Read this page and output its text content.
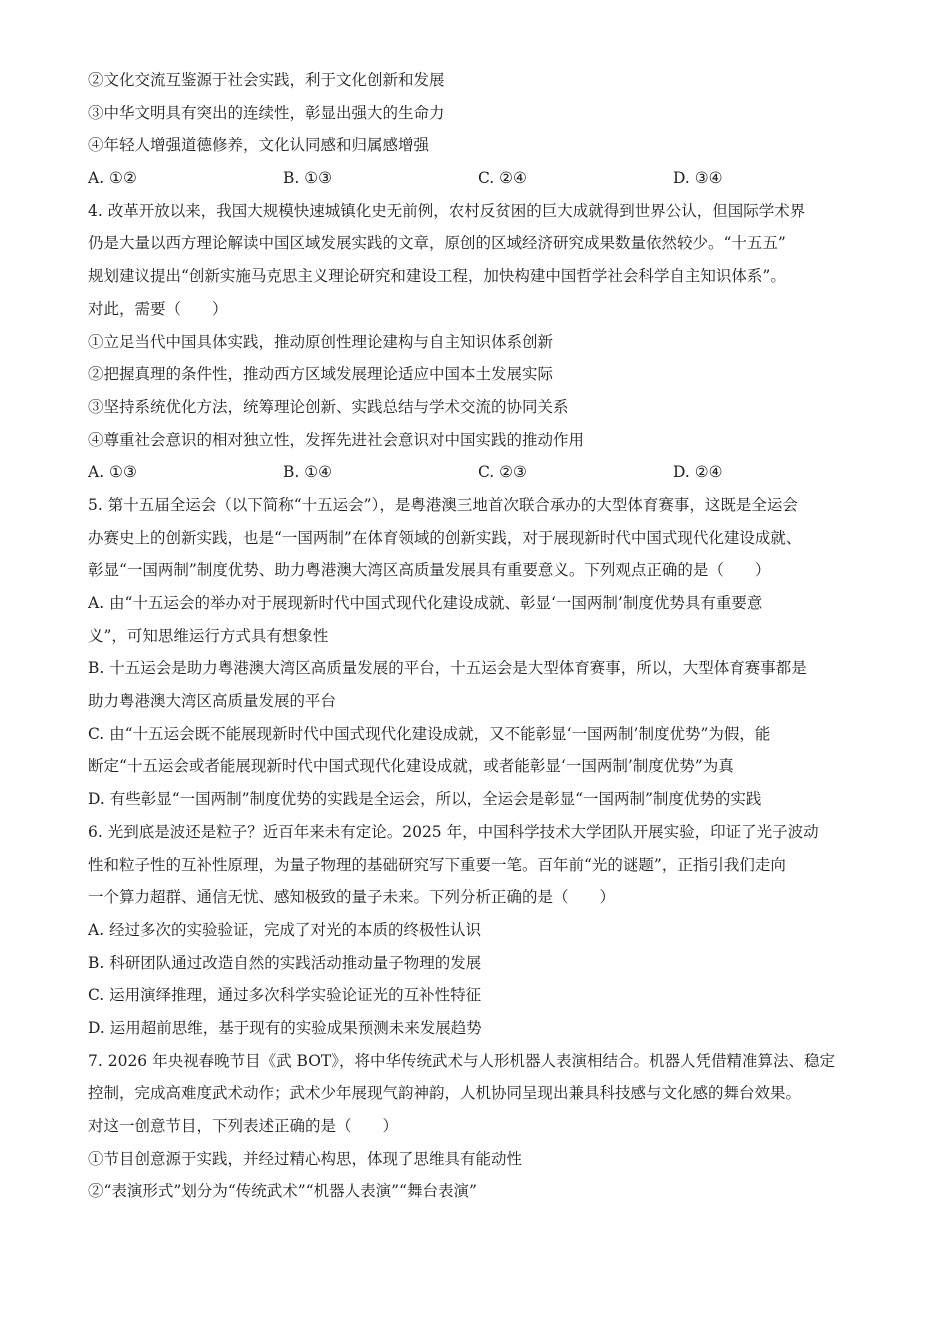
②文化交流互鉴源于社会实践，利于文化创新和发展
③中华文明具有突出的连续性，彰显出强大的生命力
④年轻人增强道德修养，文化认同感和归属感增强
A. ①②	B. ①③	C. ②④	D. ③④
4. 改革开放以来，我国大规模快速城镇化史无前例，农村反贫困的巨大成就得到世界公认，但国际学术界
仍是大量以西方理论解读中国区域发展实践的文章，原创的区域经济研究成果数量依然较少。“十五五”
规划建议提出“创新实施马克思主义理论研究和建设工程，加快构建中国哲学社会科学自主知识体系”。
对此，需要（　　）
①立足当代中国具体实践，推动原创性理论建构与自主知识体系创新
②把握真理的条件性，推动西方区域发展理论适应中国本土发展实际
③坚持系统优化方法，统筹理论创新、实践总结与学术交流的协同关系
④尊重社会意识的相对独立性，发挥先进社会意识对中国实践的推动作用
A. ①③	B. ①④	C. ②③	D. ②④
5. 第十五届全运会（以下简称“十五运会”），是粤港澳三地首次联合承办的大型体育赛事，这既是全运会
办赛史上的创新实践，也是“一国两制”在体育领域的创新实践，对于展现新时代中国式现代化建设成就、
彰显“一国两制”制度优势、助力粤港澳大湾区高质量发展具有重要意义。下列观点正确的是（　　）
A. 由“十五运会的举办对于展现新时代中国式现代化建设成就、彰显‘一国两制’制度优势具有重要意
义”，可知思维运行方式具有想象性
B. 十五运会是助力粤港澳大湾区高质量发展的平台，十五运会是大型体育赛事，所以，大型体育赛事都是
助力粤港澳大湾区高质量发展的平台
C. 由“十五运会既不能展现新时代中国式现代化建设成就，又不能彰显‘一国两制’制度优势”为假，能
断定“十五运会或者能展现新时代中国式现代化建设成就，或者能彰显‘一国两制’制度优势”为真
D. 有些彰显“一国两制”制度优势的实践是全运会，所以，全运会是彰显“一国两制”制度优势的实践
6. 光到底是波还是粒子？近百年来未有定论。2025 年，中国科学技术大学团队开展实验，印证了光子波动
性和粒子性的互补性原理，为量子物理的基础研究写下重要一笔。百年前“光的谜题”，正指引我们走向
一个算力超群、通信无忧、感知极致的量子未来。下列分析正确的是（　　）
A. 经过多次的实验验证，完成了对光的本质的终极性认识
B. 科研团队通过改造自然的实践活动推动量子物理的发展
C. 运用演绎推理，通过多次科学实验论证光的互补性特征
D. 运用超前思维，基于现有的实验成果预测未来发展趋势
7. 2026 年央视春晚节目《武 BOT》，将中华传统武术与人形机器人表演相结合。机器人凭借精准算法、稳定
控制，完成高难度武术动作；武术少年展现气韵神韵，人机协同呈现出兼具科技感与文化感的舞台效果。
对这一创意节目，下列表述正确的是（　　）
①节目创意源于实践，并经过精心构思，体现了思维具有能动性
②“表演形式”划分为“传统武术”“机器人表演”“舞台表演”
